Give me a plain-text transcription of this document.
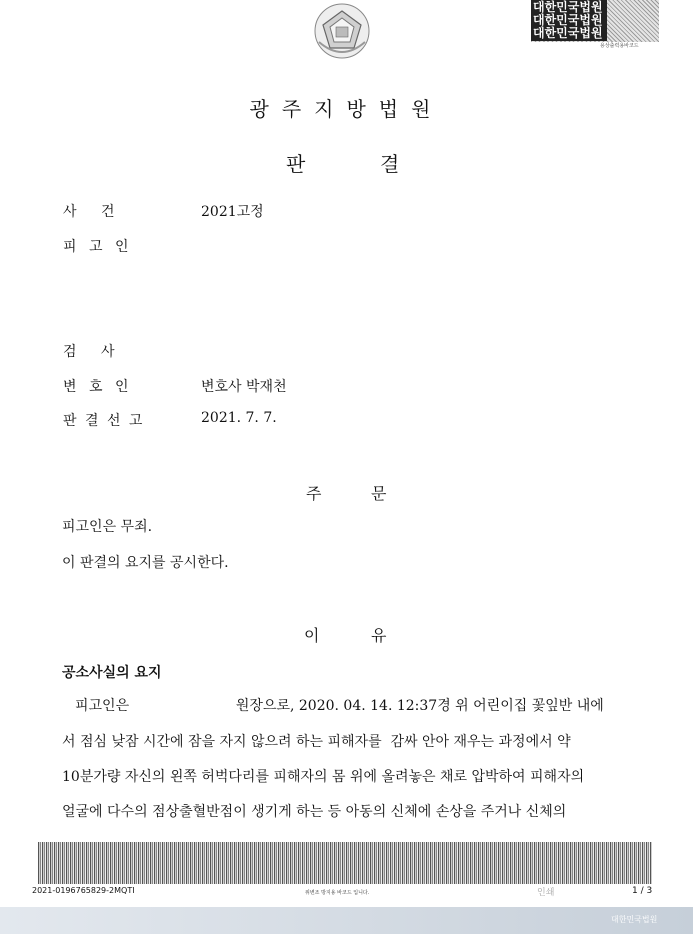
대한민국법원
대한민국법원
대한민국법원
용상출력용바코드
광주지방법원
판	결
사 건	2021고정
피 고 인
검 사
변 호 인	변호사 박재천
판 결 선 고	2021. 7. 7.
주	문
피고인은 무죄.
이 판결의 요지를 공시한다.
이	유
공소사실의 요지
피고인은                        원장으로, 2020. 04. 14. 12:37경 위 어린이집 꽃잎반 내에
서 점심 낮잠 시간에 잠을 자지 않으려 하는 피해자를  감싸 안아 재우는 과정에서 약
10분가량 자신의 왼쪽 허벅다리를 피해자의 몸 위에 올려놓은 채로 압박하여 피해자의
얼굴에 다수의 점상출혈반점이 생기게 하는 등 아동의 신체에 손상을 주거나 신체의
2021-0196765829-2MQTI	위변조 방지용 바코드 입니다.	인쇄	1 / 3
대한민국법원
